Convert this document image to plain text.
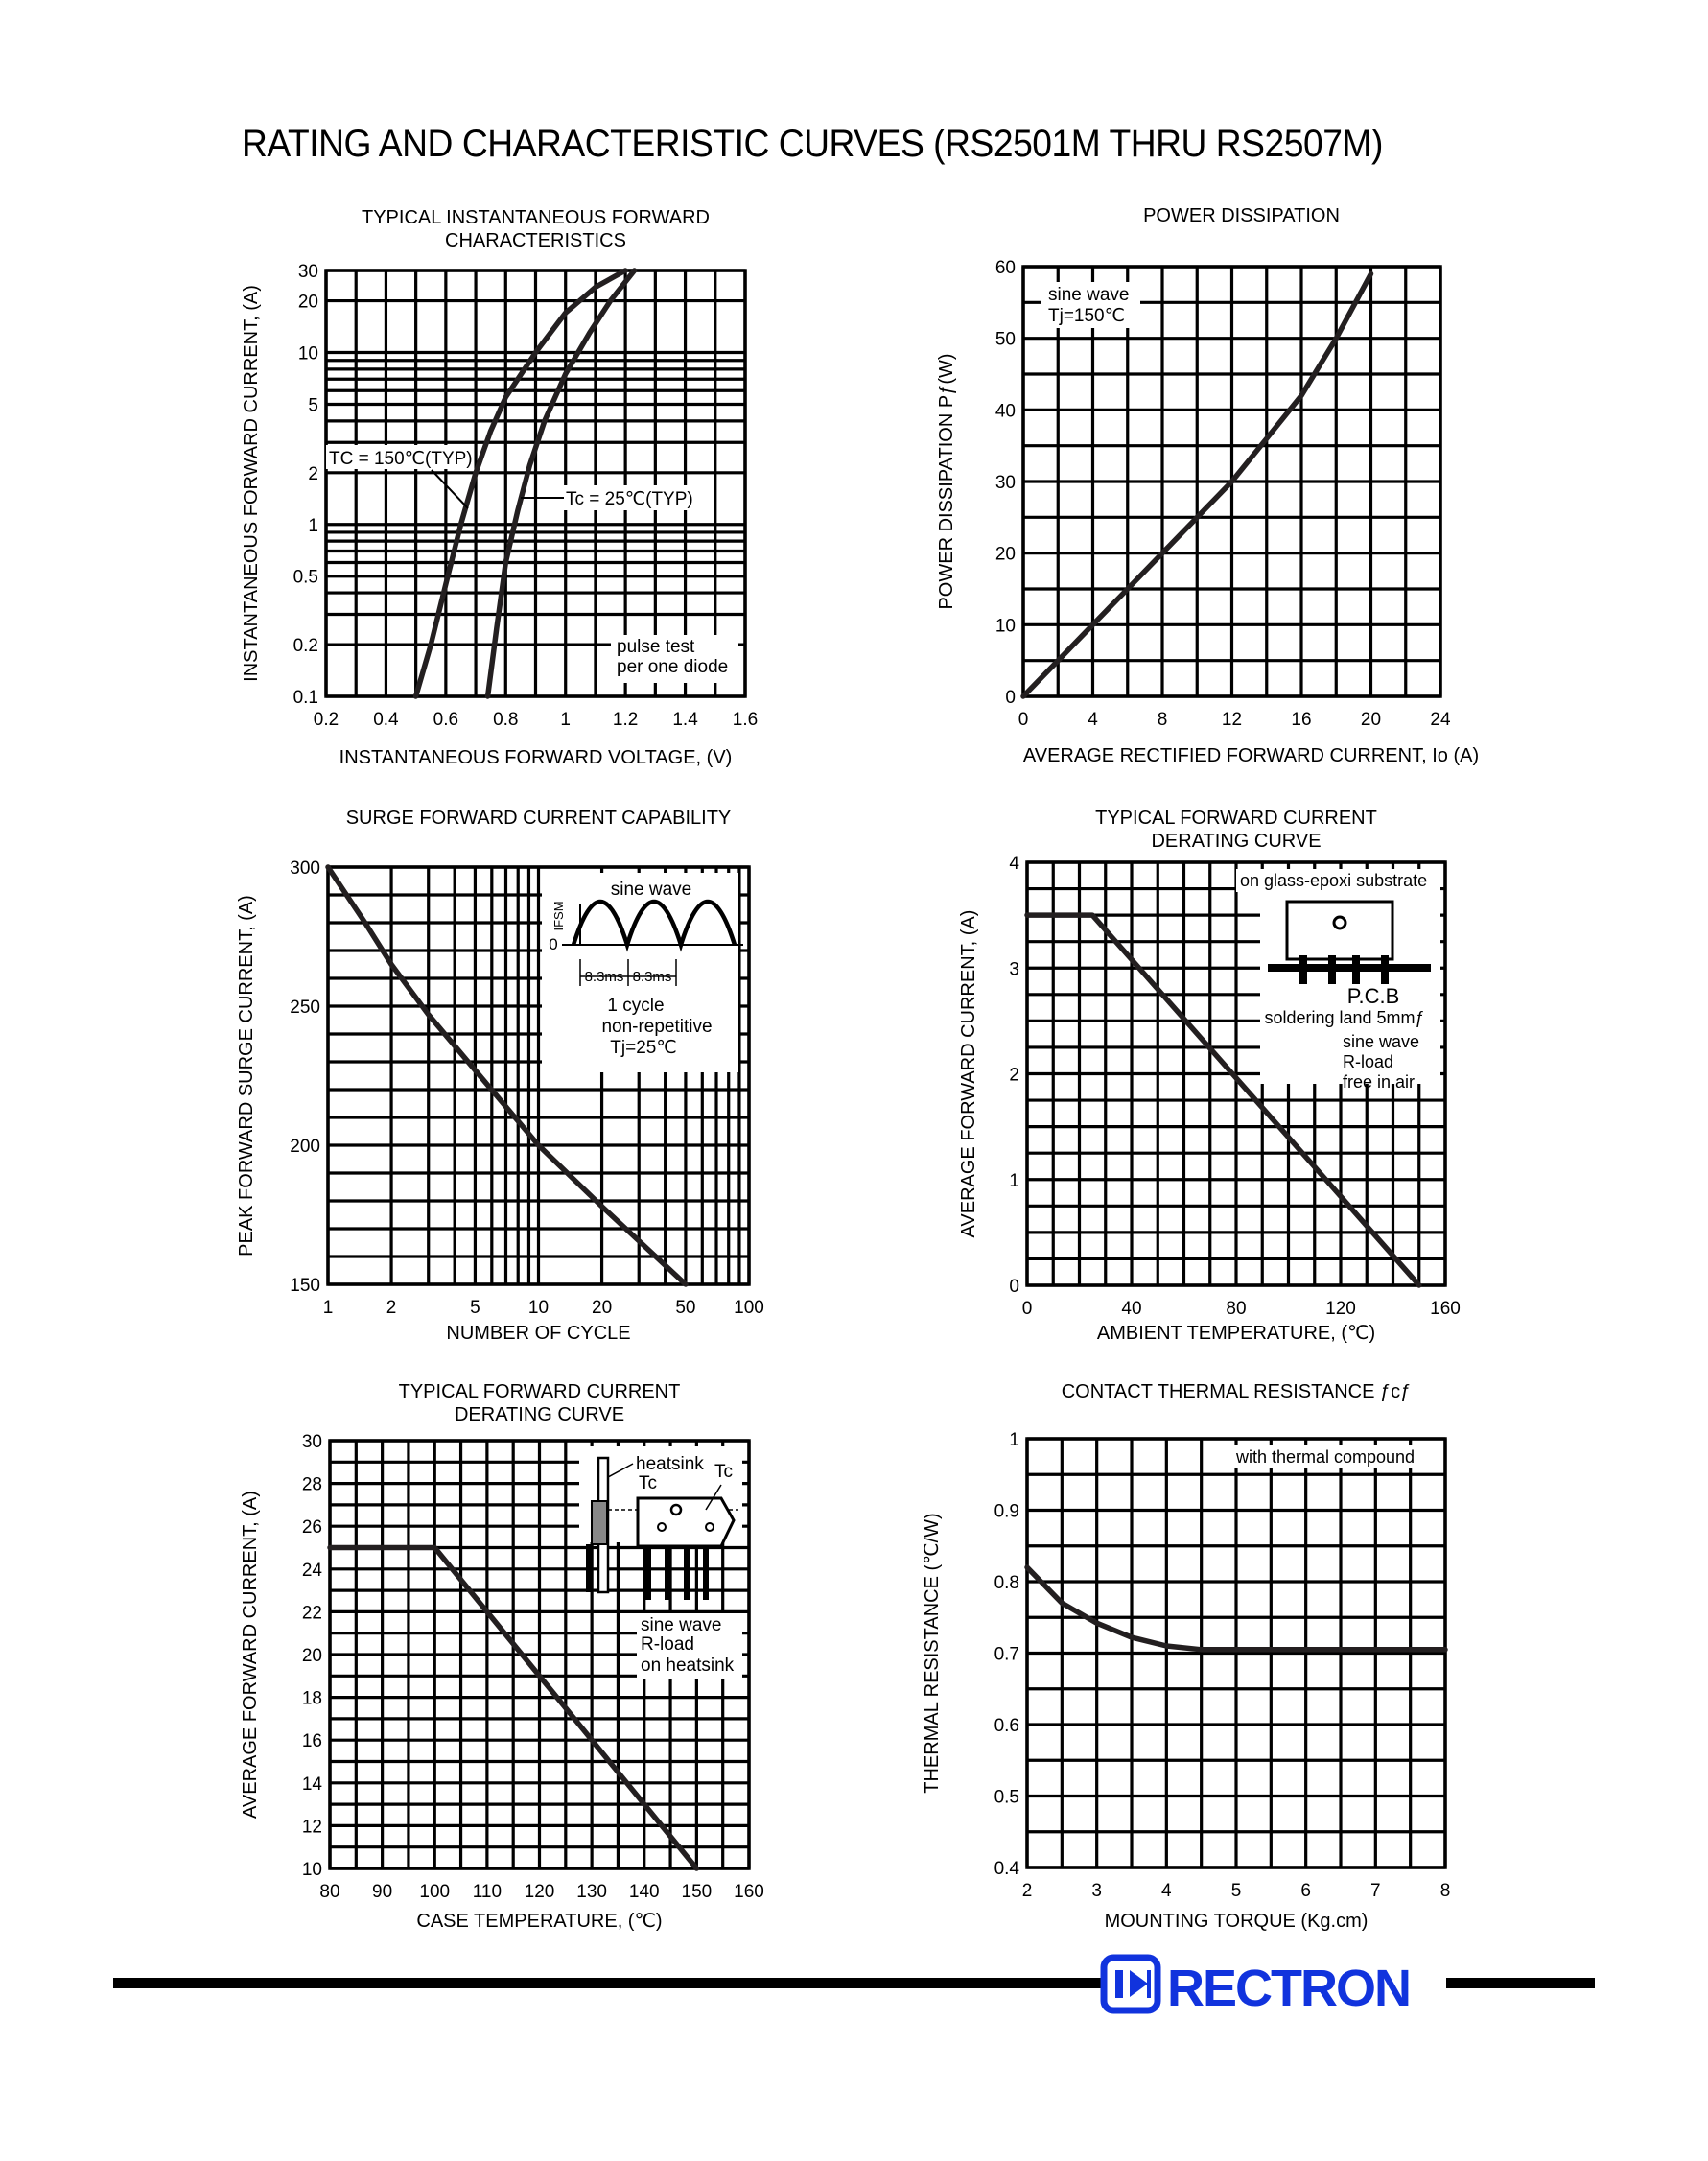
RATING AND CHARACTERISTIC CURVES (RS2501M THRU RS2507M)
TC = 150℃(TYP)
Tc = 25℃(TYP)
pulse test
per one diode
0.2 0.4 0.6 0.8 1 1.2 1.4 1.6
0.1
0.2
0.5
1
2
5
10
20
30
TYPICAL INSTANTANEOUS FORWARD
CHARACTERISTICS
INSTANTANEOUS FORWARD VOLTAGE, (V)
INSTANTANEOUS FORWARD CURRENT, (A)	sine wave
Tj=150℃
0	4	8	12	16	20	24
0
10
20
30
40
50
60
POWER DISSIPATION
AVERAGE RECTIFIED FORWARD CURRENT, Io (A)
POWER DISSIPATION Pƒ(W)
sine wave
IFSM
0
8.3ms 8.3ms
1 cycle
non-repetitive
Tj=25℃
1	2	5	10 20	50 100
150
200
250
300
SURGE FORWARD CURRENT CAPABILITY
NUMBER OF CYCLE
PEAK FORWARD SURGE CURRENT, (A)
on glass-epoxi substrate
P.C.B
soldering land 5mmƒ
sine wave
R-load
free in air
0	40	80	120	160
0
1
2
3
4
TYPICAL FORWARD CURRENT
DERATING CURVE
AMBIENT TEMPERATURE, (℃)
AVERAGE FORWARD CURRENT, (A)
heatsink
Tc
Tc
sine wave
R-load
on heatsink
80 90 100 110 120 130 140 150 160
10
12
14
16
18
20
22
24
26
28
30
TYPICAL FORWARD CURRENT
DERATING CURVE
CASE TEMPERATURE, (℃)
AVERAGE FORWARD CURRENT, (A)
with thermal compound
2	3	4	5	6	7	8
0.4
0.5
0.6
0.7
0.8
0.9
1
CONTACT THERMAL RESISTANCE ƒcƒ
MOUNTING TORQUE (Kg.cm)
THERMAL RESISTANCE (℃/W)
RECTRON
